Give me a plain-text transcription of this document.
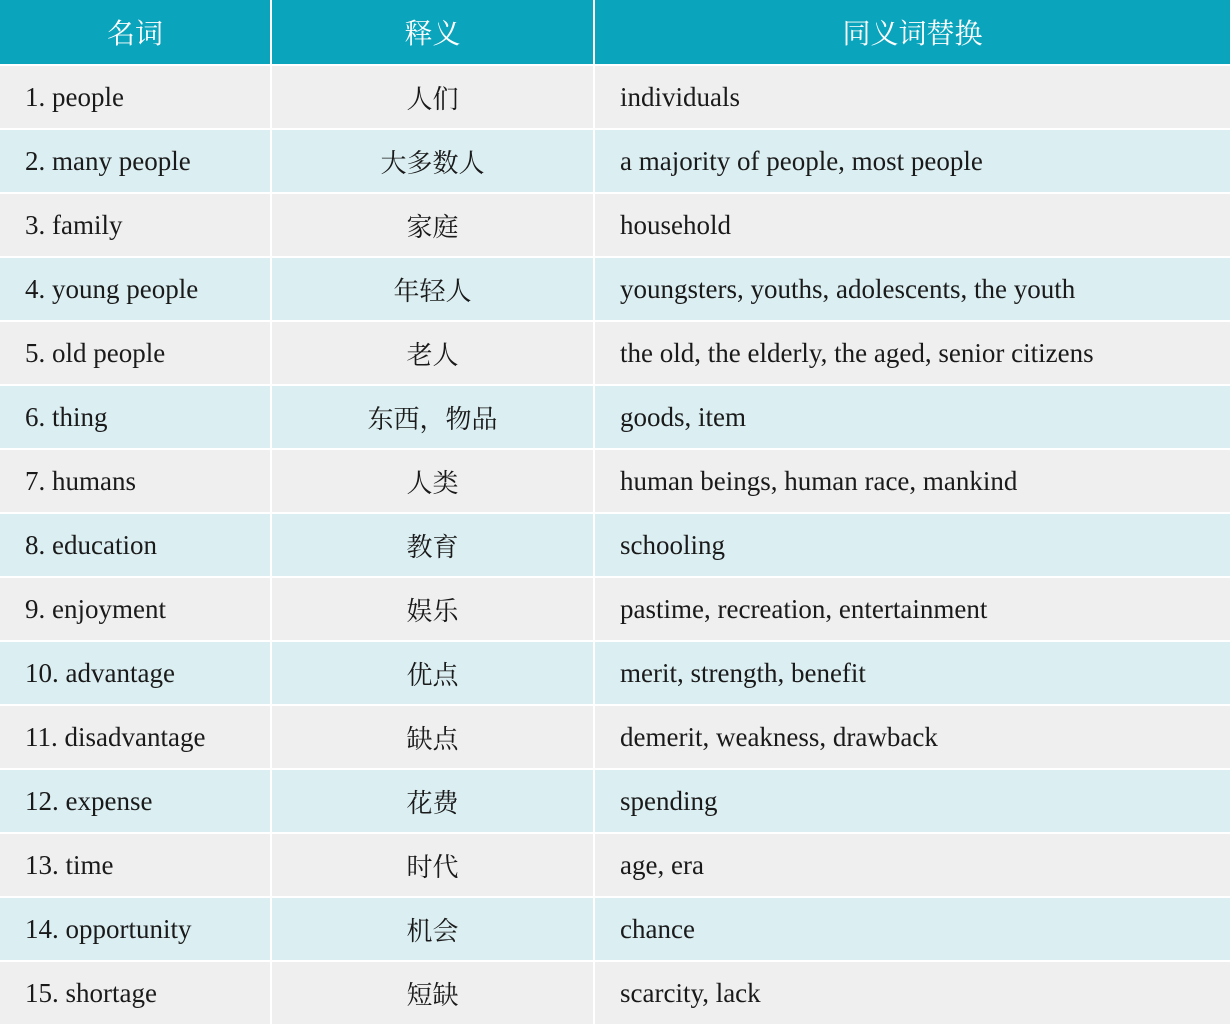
名词	释义	同义词替换
1. people	人们	individuals
2. many people	大多数人	a majority of people, most people
3. family	家庭	household
4. young people	年轻人	youngsters, youths, adolescents, the youth
5. old people	老人	the old, the elderly, the aged, senior citizens
6. thing	东西，物品	goods, item
7. humans	人类	human beings, human race, mankind
8. education	教育	schooling
9. enjoyment	娱乐	pastime, recreation, entertainment
10. advantage	优点	merit, strength, benefit
11. disadvantage	缺点	demerit, weakness, drawback
12. expense	花费	spending
13. time	时代	age, era
14. opportunity	机会	chance
15. shortage	短缺	scarcity, lack
